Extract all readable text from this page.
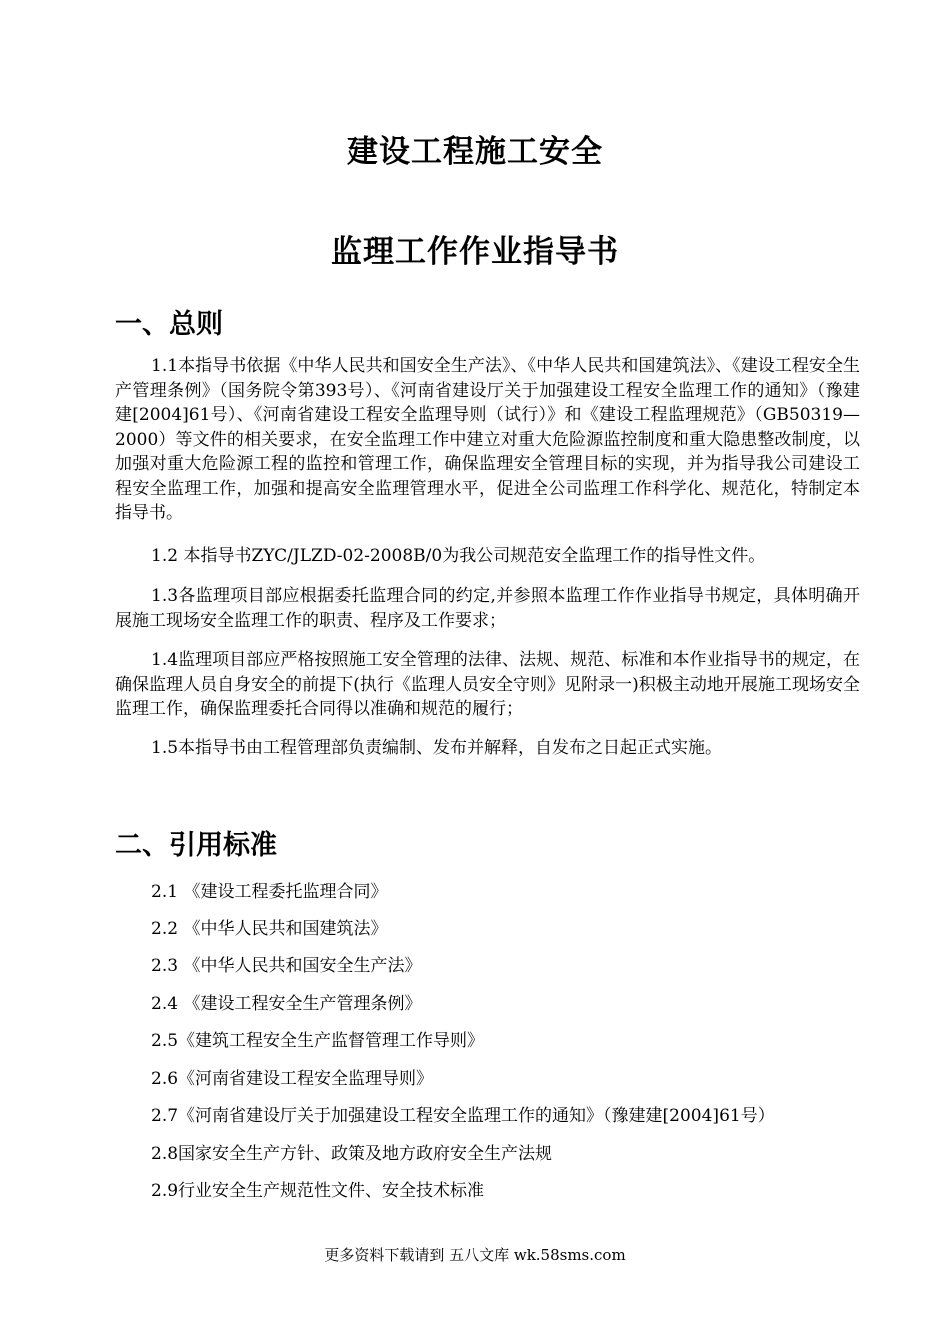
建设工程施工安全
监理工作作业指导书
一、总则

1.1本指导书依据《中华人民共和国安全生产法》、《中华人民共和国建筑法》、《建设工程安全生产管理条例》（国务院令第393号）、《河南省建设厅关于加强建设工程安全监理工作的通知》（豫建建[2004]61号）、《河南省建设工程安全监理导则（试行）》和《建设工程监理规范》（GB50319—2000）等文件的相关要求，在安全监理工作中建立对重大危险源监控制度和重大隐患整改制度，以加强对重大危险源工程的监控和管理工作，确保监理安全管理目标的实现，并为指导我公司建设工程安全监理工作，加强和提高安全监理管理水平，促进全公司监理工作科学化、规范化，特制定本指导书。

1.2 本指导书ZYC/JLZD-02-2008B/0为我公司规范安全监理工作的指导性文件。

1.3各监理项目部应根据委托监理合同的约定,并参照本监理工作作业指导书规定，具体明确开展施工现场安全监理工作的职责、程序及工作要求；

1.4监理项目部应严格按照施工安全管理的法律、法规、规范、标准和本作业指导书的规定，在确保监理人员自身安全的前提下(执行《监理人员安全守则》见附录一)积极主动地开展施工现场安全监理工作，确保监理委托合同得以准确和规范的履行；

1.5本指导书由工程管理部负责编制、发布并解释，自发布之日起正式实施。

二、引用标准
2.1 《建设工程委托监理合同》
2.2 《中华人民共和国建筑法》
2.3 《中华人民共和国安全生产法》
2.4 《建设工程安全生产管理条例》
2.5《建筑工程安全生产监督管理工作导则》
2.6《河南省建设工程安全监理导则》
2.7《河南省建设厅关于加强建设工程安全监理工作的通知》（豫建建[2004]61号）
2.8国家安全生产方针、政策及地方政府安全生产法规
2.9行业安全生产规范性文件、安全技术标准
更多资料下载请到 五八文库 wk.58sms.com
